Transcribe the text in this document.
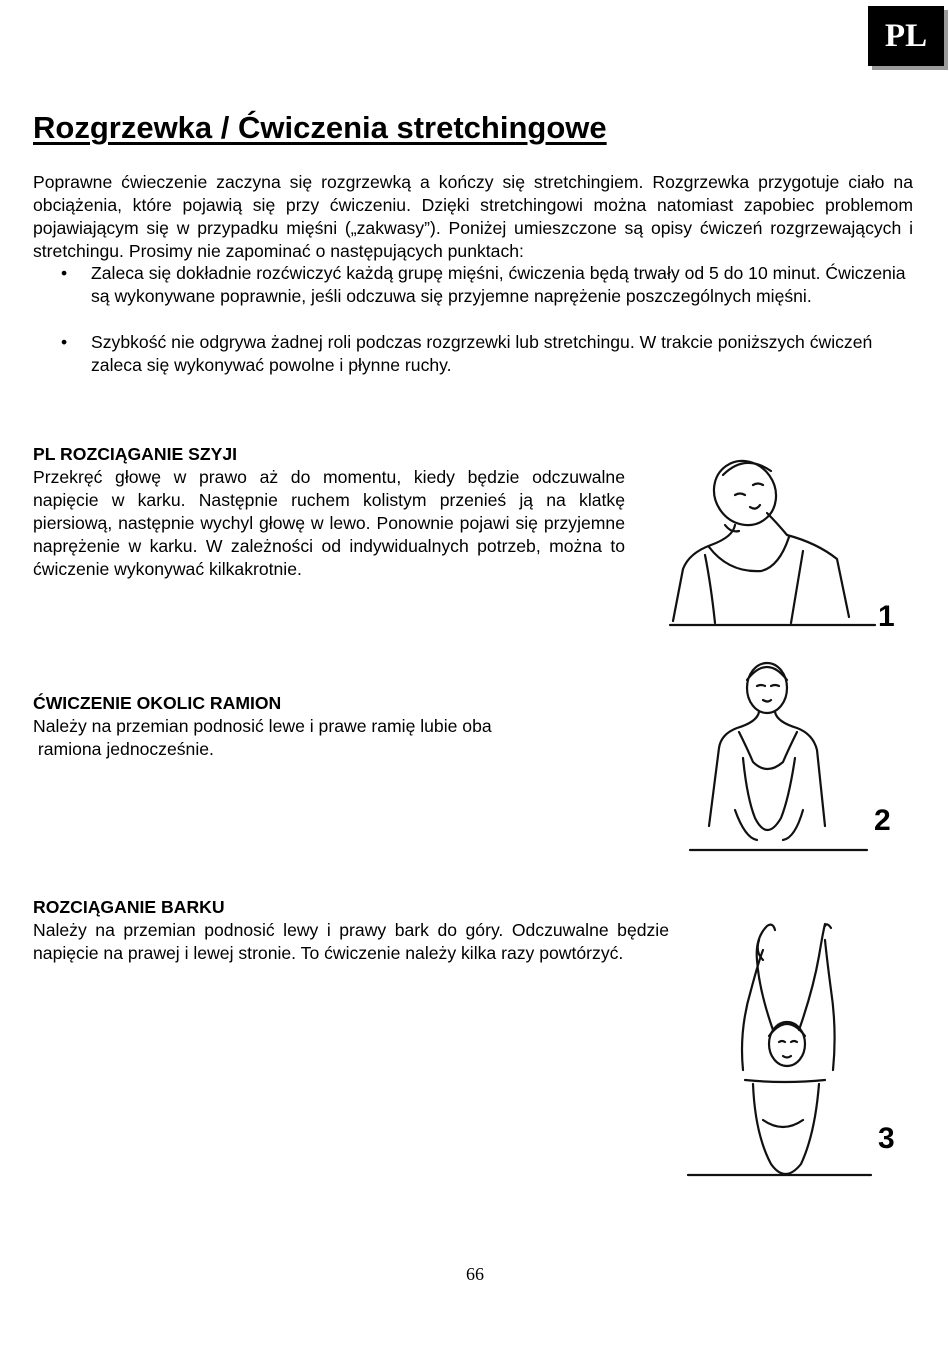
PL
Rozgrzewka / Ćwiczenia stretchingowe

Poprawne ćwieczenie zaczyna się rozgrzewką a kończy się stretchingiem. Rozgrzewka przygotuje ciało na obciążenia, które pojawią się przy ćwiczeniu. Dzięki stretchingowi można natomiast zapobiec problemom pojawiającym się w przypadku mięśni („zakwasy”). Poniżej umieszczone są opisy ćwiczeń rozgrzewających i stretchingu. Prosimy nie zapominać o następujących punktach:

• Zaleca się dokładnie rozćwiczyć każdą grupę mięśni, ćwiczenia będą trwały od 5 do 10 minut. Ćwiczenia są wykonywane poprawnie, jeśli odczuwa się przyjemne naprężenie poszczególnych mięśni.
• Szybkość nie odgrywa żadnej roli podczas rozgrzewki lub stretchingu. W trakcie poniższych ćwiczeń zaleca się wykonywać powolne i płynne ruchy.
PL ROZCIĄGANIE SZYJI

Przekręć głowę w prawo aż do momentu, kiedy będzie odczuwalne napięcie w karku. Następnie ruchem kolistym przenieś ją na klatkę piersiową, następnie wychyl głowę w lewo. Ponownie pojawi się przyjemne naprężenie w karku. W zależności od indywidualnych potrzeb, można to ćwiczenie wykonywać kilkakrotnie.

1
ĆWICZENIE OKOLIC RAMION

Należy na przemian podnosić lewe i prawe ramię lubie oba
ramiona jednocześnie.

2
ROZCIĄGANIE BARKU

Należy na przemian podnosić lewy i prawy bark do góry. Odczuwalne będzie napięcie na prawej i lewej stronie. To ćwiczenie należy kilka razy powtórzyć.

3
66
